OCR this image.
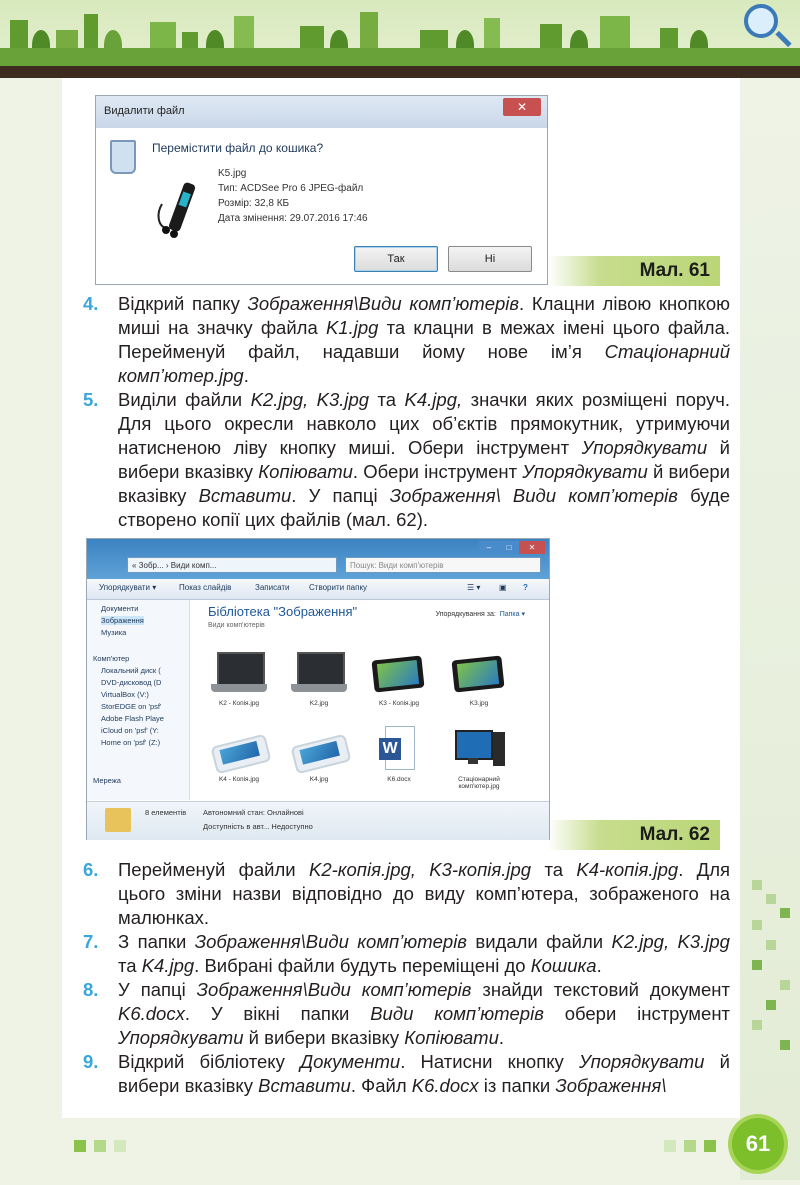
Видалити файл	✕
Перемістити файл до кошика?
K5.jpg
Тип: ACDSee Pro 6 JPEG-файл
Розмір: 32,8 КБ
Дата змінення: 29.07.2016 17:46
Так	Ні
Мал. 61

4. Відкрий папку Зображення\Види комп’ютерів. Клацни лівою кнопкою миші на значку файла K1.jpg та клацни в межах імені цього файла. Перейменуй файл, надавши йому нове ім’я Стаціонарний комп’ютер.jpg.

5. Виділи файли K2.jpg, K3.jpg та K4.jpg, значки яких розміщені поруч. Для цього окресли навколо цих об’єктів прямокутник, утримуючи натисненою ліву кнопку миші. Обери інструмент Упорядкувати й вибери вказівку Копіювати. Обери інструмент Упорядкувати й вибери вказівку Вставити. У папці Зображення\ Види комп’ютерів буде створено копії цих файлів (мал. 62).

–	□	✕
« Зобр... › Види комп...	Пошук: Види комп'ютерів
Упорядкувати ▾	Показ слайдів	Записати Створити папку	☰ ▾ ▣ ?
Документи
Зображення
Музика
Комп'ютер
Локальний диск (
DVD-дисковод (D
VirtualBox (V:)
StorEDGE on 'psf'
Adobe Flash Playe
iCloud on 'psf' (Y:
Home on 'psf' (Z:)
Мережа
Бібліотека "Зображення"
Види комп'ютерів
Упорядкування за: Папка ▾
K2 - Копія.jpg	K2.jpg	K3 - Копія.jpg	K3.jpg
K4 - Копія.jpg	K4.jpg
W
K6.docx	Стаціонарний комп'ютер.jpg
8 елементів Автономний стан: Онлайнові
Доступність в авт... Недоступно	Мал. 62

6. Перейменуй файли K2-копія.jpg, K3-копія.jpg та K4-копія.jpg. Для цього зміни назви відповідно до виду комп’ютера, зображеного на малюнках.

7. З папки Зображення\Види комп’ютерів видали файли K2.jpg, K3.jpg та K4.jpg. Вибрані файли будуть переміщені до Кошика.

8. У папці Зображення\Види комп’ютерів знайди текстовий документ K6.docx. У вікні папки Види комп’ютерів обери інструмент Упорядкувати й вибери вказівку Копіювати.

9. Відкрий бібліотеку Документи. Натисни кнопку Упорядкувати й вибери вказівку Вставити. Файл K6.docx із папки Зображення\

61
